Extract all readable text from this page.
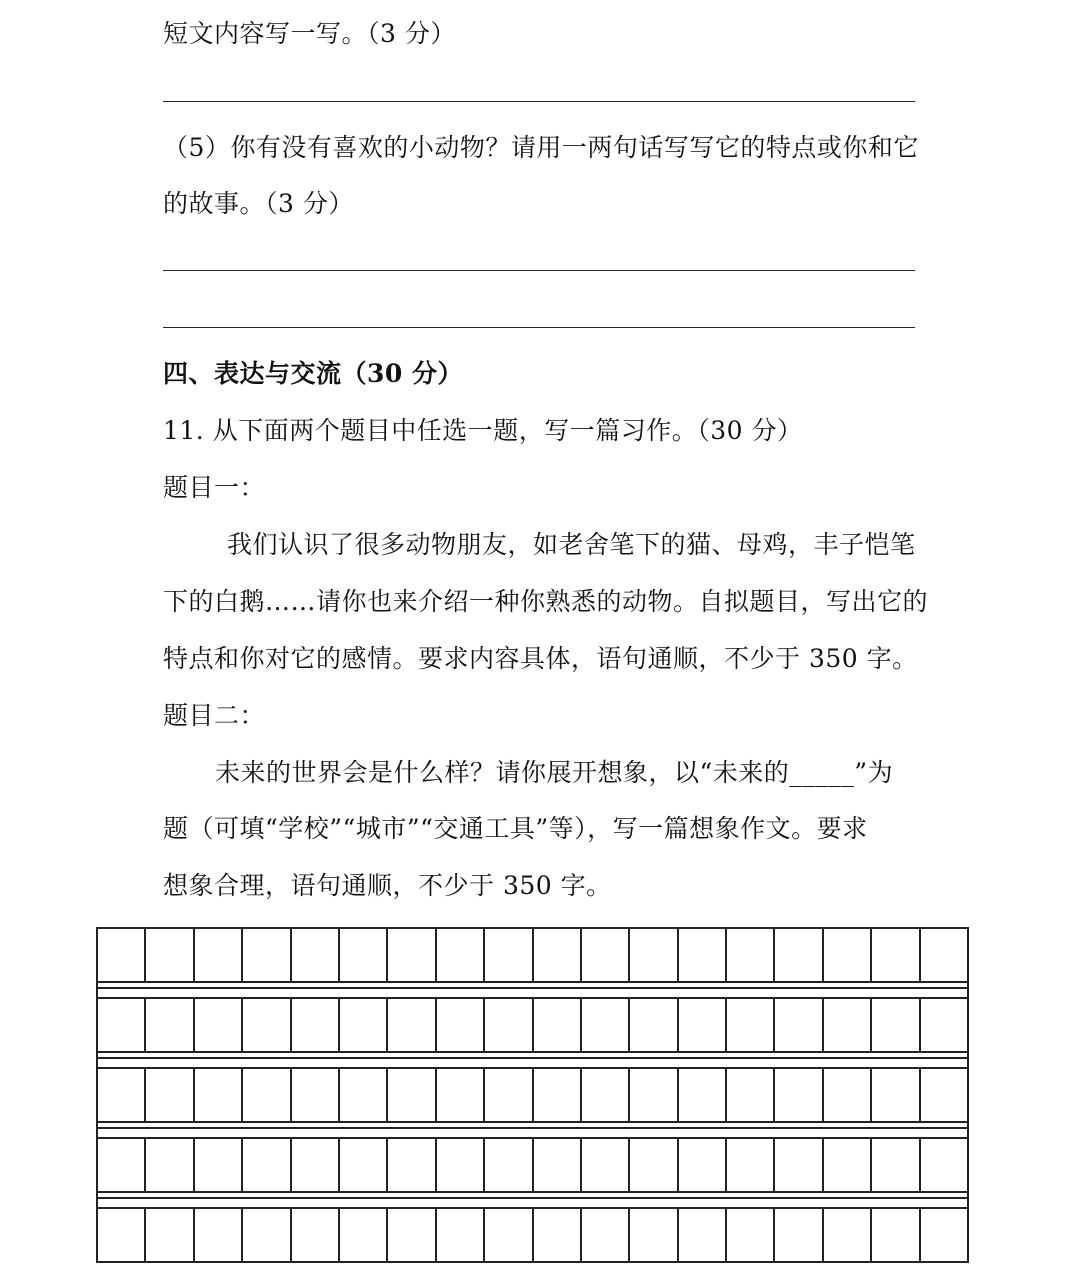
短文内容写一写。（3 分）

（5）你有没有喜欢的小动物？请用一两句话写写它的特点或你和它

的故事。（3 分）

四、表达与交流（30 分）

11. 从下面两个题目中任选一题，写一篇习作。（30 分）

题目一：

我们认识了很多动物朋友，如老舍笔下的猫、母鸡，丰子恺笔

下的白鹅……请你也来介绍一种你熟悉的动物。自拟题目，写出它的

特点和你对它的感情。要求内容具体，语句通顺，不少于 350 字。

题目二：

未来的世界会是什么样？请你展开想象，以“未来的_____”为

题（可填“学校”“城市”“交通工具”等），写一篇想象作文。要求

想象合理，语句通顺，不少于 350 字。
